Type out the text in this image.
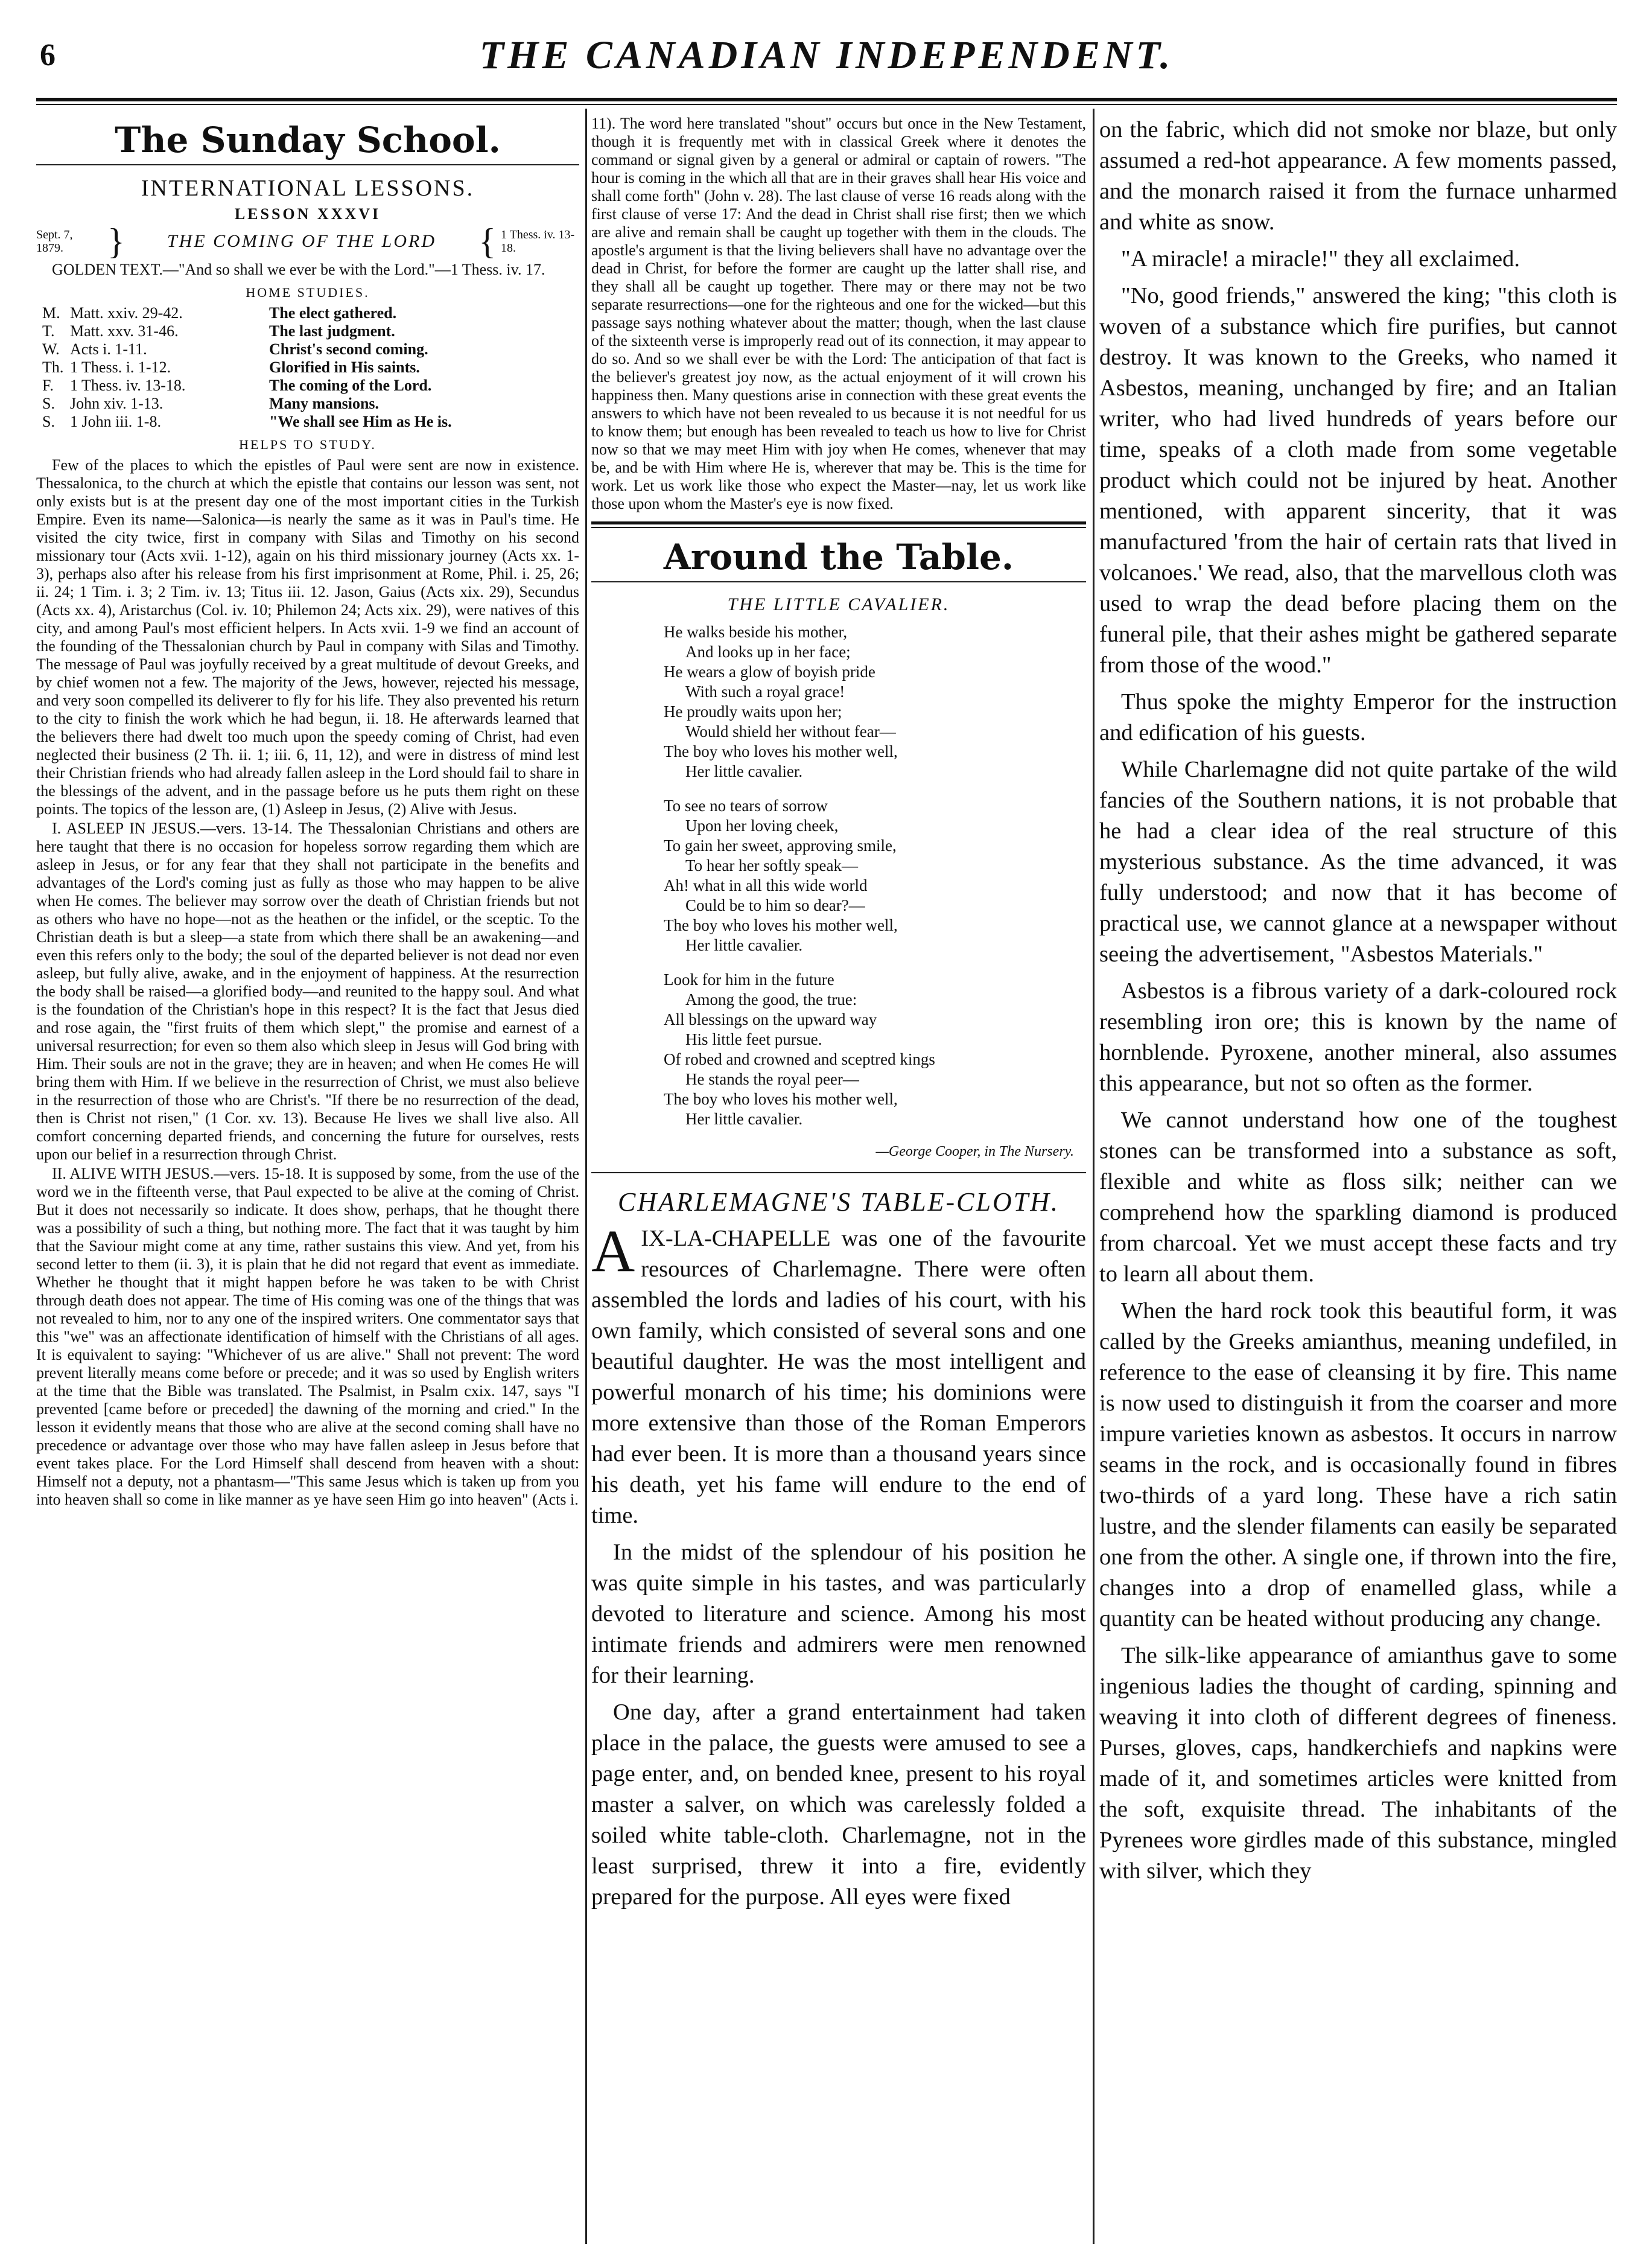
6	THE CANADIAN INDEPENDENT.
The Sunday School.
INTERNATIONAL LESSONS.
LESSON XXXVI
Sept. 7, 1879.	}	THE COMING OF THE LORD	{ 1 Thess. iv. 13-18.

GOLDEN TEXT.—"And so shall we ever be with the Lord."—1 Thess. iv. 17.

HOME STUDIES.
M. Matt. xxiv. 29-42.	The elect gathered.
T. Matt. xxv. 31-46.	The last judgment.
W. Acts i. 1-11.	Christ's second coming.
Th. 1 Thess. i. 1-12.	Glorified in His saints.
F. 1 Thess. iv. 13-18.	The coming of the Lord.
S. John xiv. 1-13.	Many mansions.
S. 1 John iii. 1-8.	"We shall see Him as He is.
HELPS TO STUDY.

Few of the places to which the epistles of Paul were sent are now in existence. Thessalonica, to the church at which the epistle that contains our lesson was sent, not only exists but is at the present day one of the most important cities in the Turkish Empire. Even its name—Salonica—is nearly the same as it was in Paul's time. He visited the city twice, first in company with Silas and Timothy on his second missionary tour (Acts xvii. 1-12), again on his third missionary journey (Acts xx. 1-3), perhaps also after his release from his first imprisonment at Rome, Phil. i. 25, 26; ii. 24; 1 Tim. i. 3; 2 Tim. iv. 13; Titus iii. 12. Jason, Gaius (Acts xix. 29), Secundus (Acts xx. 4), Aristarchus (Col. iv. 10; Philemon 24; Acts xix. 29), were natives of this city, and among Paul's most efficient helpers. In Acts xvii. 1-9 we find an account of the founding of the Thessalonian church by Paul in company with Silas and Timothy. The message of Paul was joyfully received by a great multitude of devout Greeks, and by chief women not a few. The majority of the Jews, however, rejected his message, and very soon compelled its deliverer to fly for his life. They also prevented his return to the city to finish the work which he had begun, ii. 18. He afterwards learned that the believers there had dwelt too much upon the speedy coming of Christ, had even neglected their business (2 Th. ii. 1; iii. 6, 11, 12), and were in distress of mind lest their Christian friends who had already fallen asleep in the Lord should fail to share in the blessings of the advent, and in the passage before us he puts them right on these points. The topics of the lesson are, (1) Asleep in Jesus, (2) Alive with Jesus.

I. ASLEEP IN JESUS.—vers. 13-14. The Thessalonian Christians and others are here taught that there is no occasion for hopeless sorrow regarding them which are asleep in Jesus, or for any fear that they shall not participate in the benefits and advantages of the Lord's coming just as fully as those who may happen to be alive when He comes. The believer may sorrow over the death of Christian friends but not as others who have no hope—not as the heathen or the infidel, or the sceptic. To the Christian death is but a sleep—a state from which there shall be an awakening—and even this refers only to the body; the soul of the departed believer is not dead nor even asleep, but fully alive, awake, and in the enjoyment of happiness. At the resurrection the body shall be raised—a glorified body—and reunited to the happy soul. And what is the foundation of the Christian's hope in this respect? It is the fact that Jesus died and rose again, the "first fruits of them which slept," the promise and earnest of a universal resurrection; for even so them also which sleep in Jesus will God bring with Him. Their souls are not in the grave; they are in heaven; and when He comes He will bring them with Him. If we believe in the resurrection of Christ, we must also believe in the resurrection of those who are Christ's. "If there be no resurrection of the dead, then is Christ not risen," (1 Cor. xv. 13). Because He lives we shall live also. All comfort concerning departed friends, and concerning the future for ourselves, rests upon our belief in a resurrection through Christ.

II. ALIVE WITH JESUS.—vers. 15-18. It is supposed by some, from the use of the word we in the fifteenth verse, that Paul expected to be alive at the coming of Christ. But it does not necessarily so indicate. It does show, perhaps, that he thought there was a possibility of such a thing, but nothing more. The fact that it was taught by him that the Saviour might come at any time, rather sustains this view. And yet, from his second letter to them (ii. 3), it is plain that he did not regard that event as immediate. Whether he thought that it might happen before he was taken to be with Christ through death does not appear. The time of His coming was one of the things that was not revealed to him, nor to any one of the inspired writers. One commentator says that this "we" was an affectionate identification of himself with the Christians of all ages. It is equivalent to saying: "Whichever of us are alive." Shall not prevent: The word prevent literally means come before or precede; and it was so used by English writers at the time that the Bible was translated. The Psalmist, in Psalm cxix. 147, says "I prevented [came before or preceded] the dawning of the morning and cried." In the lesson it evidently means that those who are alive at the second coming shall have no precedence or advantage over those who may have fallen asleep in Jesus before that event takes place. For the Lord Himself shall descend from heaven with a shout: Himself not a deputy, not a phantasm—"This same Jesus which is taken up from you into heaven shall so come in like manner as ye have seen Him go into heaven" (Acts i.

11). The word here translated "shout" occurs but once in the New Testament, though it is frequently met with in classical Greek where it denotes the command or signal given by a general or admiral or captain of rowers. "The hour is coming in the which all that are in their graves shall hear His voice and shall come forth" (John v. 28). The last clause of verse 16 reads along with the first clause of verse 17: And the dead in Christ shall rise first; then we which are alive and remain shall be caught up together with them in the clouds. The apostle's argument is that the living believers shall have no advantage over the dead in Christ, for before the former are caught up the latter shall rise, and they shall all be caught up together. There may or there may not be two separate resurrections—one for the righteous and one for the wicked—but this passage says nothing whatever about the matter; though, when the last clause of the sixteenth verse is improperly read out of its connection, it may appear to do so. And so we shall ever be with the Lord: The anticipation of that fact is the believer's greatest joy now, as the actual enjoyment of it will crown his happiness then. Many questions arise in connection with these great events the answers to which have not been revealed to us because it is not needful for us to know them; but enough has been revealed to teach us how to live for Christ now so that we may meet Him with joy when He comes, whenever that may be, and be with Him where He is, wherever that may be. This is the time for work. Let us work like those who expect the Master—nay, let us work like those upon whom the Master's eye is now fixed.

Around the Table.
THE LITTLE CAVALIER.
He walks beside his mother,
And looks up in her face;
He wears a glow of boyish pride
With such a royal grace!
He proudly waits upon her;
Would shield her without fear—
The boy who loves his mother well,
Her little cavalier.
To see no tears of sorrow
Upon her loving cheek,
To gain her sweet, approving smile,
To hear her softly speak—
Ah! what in all this wide world
Could be to him so dear?—
The boy who loves his mother well,
Her little cavalier.
Look for him in the future
Among the good, the true:
All blessings on the upward way
His little feet pursue.
Of robed and crowned and sceptred kings
He stands the royal peer—
The boy who loves his mother well,
Her little cavalier.
—George Cooper, in The Nursery.
CHARLEMAGNE'S TABLE-CLOTH.

AIX-LA-CHAPELLE was one of the favourite resources of Charlemagne. There were often assembled the lords and ladies of his court, with his own family, which consisted of several sons and one beautiful daughter. He was the most intelligent and powerful monarch of his time; his dominions were more extensive than those of the Roman Emperors had ever been. It is more than a thousand years since his death, yet his fame will endure to the end of time.

In the midst of the splendour of his position he was quite simple in his tastes, and was particularly devoted to literature and science. Among his most intimate friends and admirers were men renowned for their learning.

One day, after a grand entertainment had taken place in the palace, the guests were amused to see a page enter, and, on bended knee, present to his royal master a salver, on which was carelessly folded a soiled white table-cloth. Charlemagne, not in the least surprised, threw it into a fire, evidently prepared for the purpose. All eyes were fixed

on the fabric, which did not smoke nor blaze, but only assumed a red-hot appearance. A few moments passed, and the monarch raised it from the furnace unharmed and white as snow.

"A miracle! a miracle!" they all exclaimed.

"No, good friends," answered the king; "this cloth is woven of a substance which fire purifies, but cannot destroy. It was known to the Greeks, who named it Asbestos, meaning, unchanged by fire; and an Italian writer, who had lived hundreds of years before our time, speaks of a cloth made from some vegetable product which could not be injured by heat. Another mentioned, with apparent sincerity, that it was manufactured 'from the hair of certain rats that lived in volcanoes.' We read, also, that the marvellous cloth was used to wrap the dead before placing them on the funeral pile, that their ashes might be gathered separate from those of the wood."

Thus spoke the mighty Emperor for the instruction and edification of his guests.

While Charlemagne did not quite partake of the wild fancies of the Southern nations, it is not probable that he had a clear idea of the real structure of this mysterious substance. As the time advanced, it was fully understood; and now that it has become of practical use, we cannot glance at a newspaper without seeing the advertisement, "Asbestos Materials."

Asbestos is a fibrous variety of a dark-coloured rock resembling iron ore; this is known by the name of hornblende. Pyroxene, another mineral, also assumes this appearance, but not so often as the former.

We cannot understand how one of the toughest stones can be transformed into a substance as soft, flexible and white as floss silk; neither can we comprehend how the sparkling diamond is produced from charcoal. Yet we must accept these facts and try to learn all about them.

When the hard rock took this beautiful form, it was called by the Greeks amianthus, meaning undefiled, in reference to the ease of cleansing it by fire. This name is now used to distinguish it from the coarser and more impure varieties known as asbestos. It occurs in narrow seams in the rock, and is occasionally found in fibres two-thirds of a yard long. These have a rich satin lustre, and the slender filaments can easily be separated one from the other. A single one, if thrown into the fire, changes into a drop of enamelled glass, while a quantity can be heated without producing any change.

The silk-like appearance of amianthus gave to some ingenious ladies the thought of carding, spinning and weaving it into cloth of different degrees of fineness. Purses, gloves, caps, handkerchiefs and napkins were made of it, and sometimes articles were knitted from the soft, exquisite thread. The inhabitants of the Pyrenees wore girdles made of this substance, mingled with silver, which they
